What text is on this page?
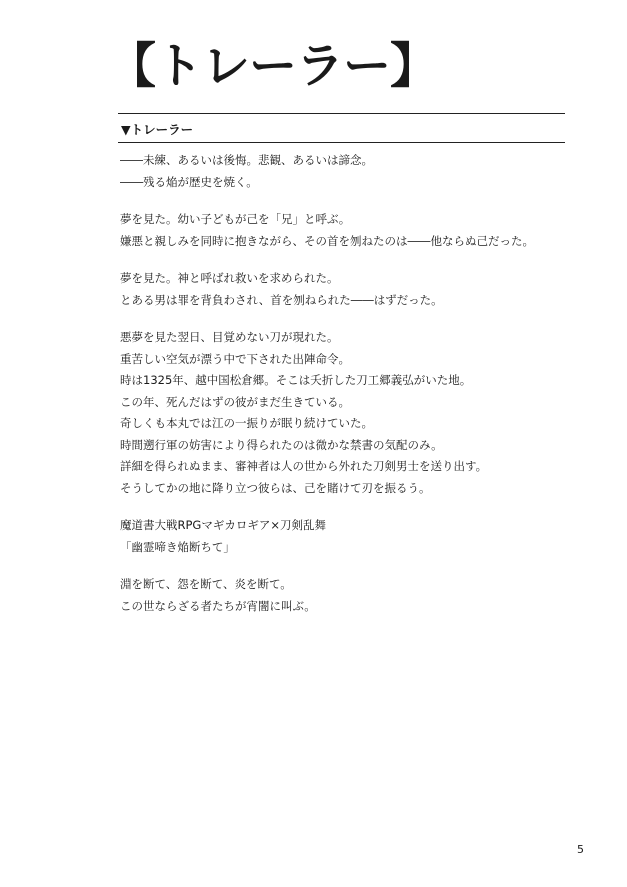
【トレーラー】
▼トレーラー

――未練、あるいは後悔。悲観、あるいは諦念。
――残る焔が歴史を焼く。

夢を見た。幼い子どもが己を「兄」と呼ぶ。
嫌悪と親しみを同時に抱きながら、その首を刎ねたのは――他ならぬ己だった。

夢を見た。神と呼ばれ救いを求められた。
とある男は罪を背負わされ、首を刎ねられた――はずだった。

悪夢を見た翌日、目覚めない刀が現れた。
重苦しい空気が漂う中で下された出陣命令。
時は1325年、越中国松倉郷。そこは夭折した刀工郷義弘がいた地。
この年、死んだはずの彼がまだ生きている。
奇しくも本丸では江の一振りが眠り続けていた。
時間遡行軍の妨害により得られたのは微かな禁書の気配のみ。
詳細を得られぬまま、審神者は人の世から外れた刀剣男士を送り出す。
そうしてかの地に降り立つ彼らは、己を賭けて刃を振るう。

魔道書大戦RPGマギカロギア×刀剣乱舞
「幽霊啼き焔断ちて」

淵を断て、怨を断て、炎を断て。
この世ならざる者たちが宵闇に叫ぶ。

5
